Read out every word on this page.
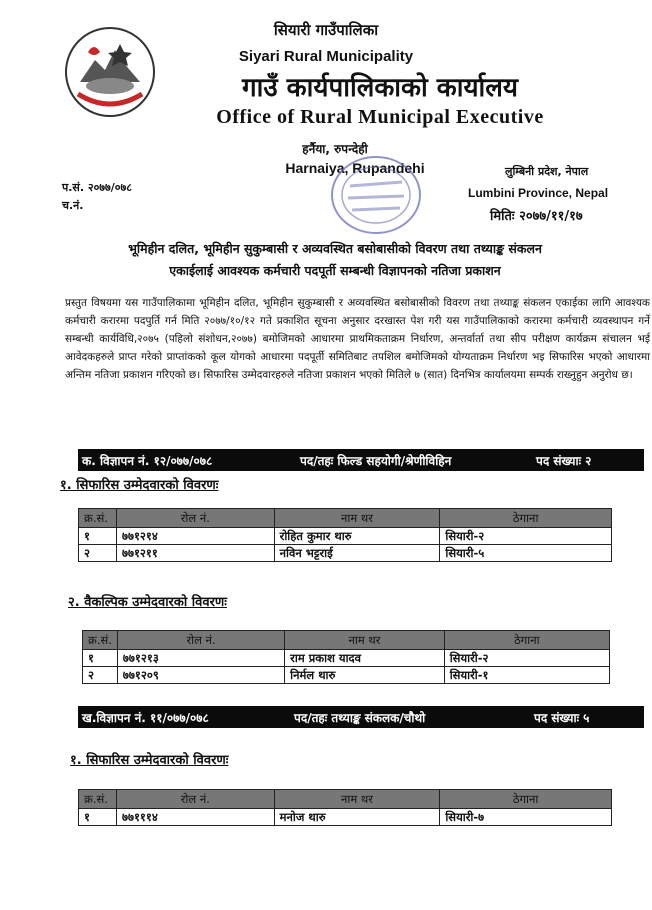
सियारी गाउँपालिका
Siyari Rural Municipality
गाउँ कार्यपालिकाको कार्यालय
Office of Rural Municipal Executive
हर्नैया, रुपन्देही
Harnaiya, Rupandehi
प.सं. २०७७/०७८
च.नं.
लुम्बिनी प्रदेश, नेपाल
Lumbini Province, Nepal
मितिः २०७७/११/१७
भूमिहीन दलित, भूमिहीन सुकुम्बासी र अव्यवस्थित बसोबासीको विवरण तथा तथ्याङ्क संकलन
एकाईलाई आवश्यक कर्मचारी पदपूर्ती सम्बन्धी विज्ञापनको नतिजा प्रकाशन
प्रस्तुत विषयमा यस गाउँपालिकामा भूमिहीन दलित, भूमिहीन सुकुम्बासी र अव्यवस्थित बसोबासीको विवरण तथा तथ्याङ्क संकलन एकाईका लागि आवश्यक कर्मचारी करारमा पदपुर्ति गर्न मिति २०७७/१०/१२ गते प्रकाशित सूचना अनुसार दरखास्त पेश गरी यस गाउँपालिकाको करारमा कर्मचारी व्यवस्थापन गर्ने सम्बन्धी कार्यविधि,२०७५ (पहिलो संशोधन,२०७७) बमोजिमको आधारमा प्राथमिकताक्रम निर्धारण, अन्तर्वार्ता तथा सीप परीक्षण कार्यक्रम संचालन भई आवेदकहरुले प्राप्त गरेको प्राप्तांकको कूल योगको आधारमा पदपूर्ती समितिबाट तपशिल बमोजिमको योग्यताक्रम निर्धारण भइ सिफारिस भएको आधारमा अन्तिम नतिजा प्रकाशन गरिएको छ। सिफारिस उम्मेदवारहरुले नतिजा प्रकाशन भएको मितिले ७ (सात) दिनभित्र कार्यालयमा सम्पर्क राख्नुहुन अनुरोध छ।
क. विज्ञापन नं. १२/०७७/०७८	पद/तहः फिल्ड सहयोगी/श्रेणीविहिन	पद संख्याः २
१. सिफारिस उम्मेदवारको विवरणः
क्र.सं.	रोल नं.	नाम थर	ठेगाना
१	७७१२१४	रोहित कुमार थारु	सियारी-२
२	७७१२११	नविन भट्टराई	सियारी-५
२. वैकल्पिक उम्मेदवारको विवरणः
क्र.सं.	रोल नं.	नाम थर	ठेगाना
१	७७१२१३	राम प्रकाश यादव	सियारी-२
२	७७१२०९	निर्मल थारु	सियारी-१
ख.विज्ञापन नं. ११/०७७/०७८	पद/तहः तथ्याङ्क संकलक/चौथो	पद संख्याः ५
१. सिफारिस उम्मेदवारको विवरणः
क्र.सं.	रोल नं.	नाम थर	ठेगाना
१	७७१११४	मनोज थारु	सियारी-७
